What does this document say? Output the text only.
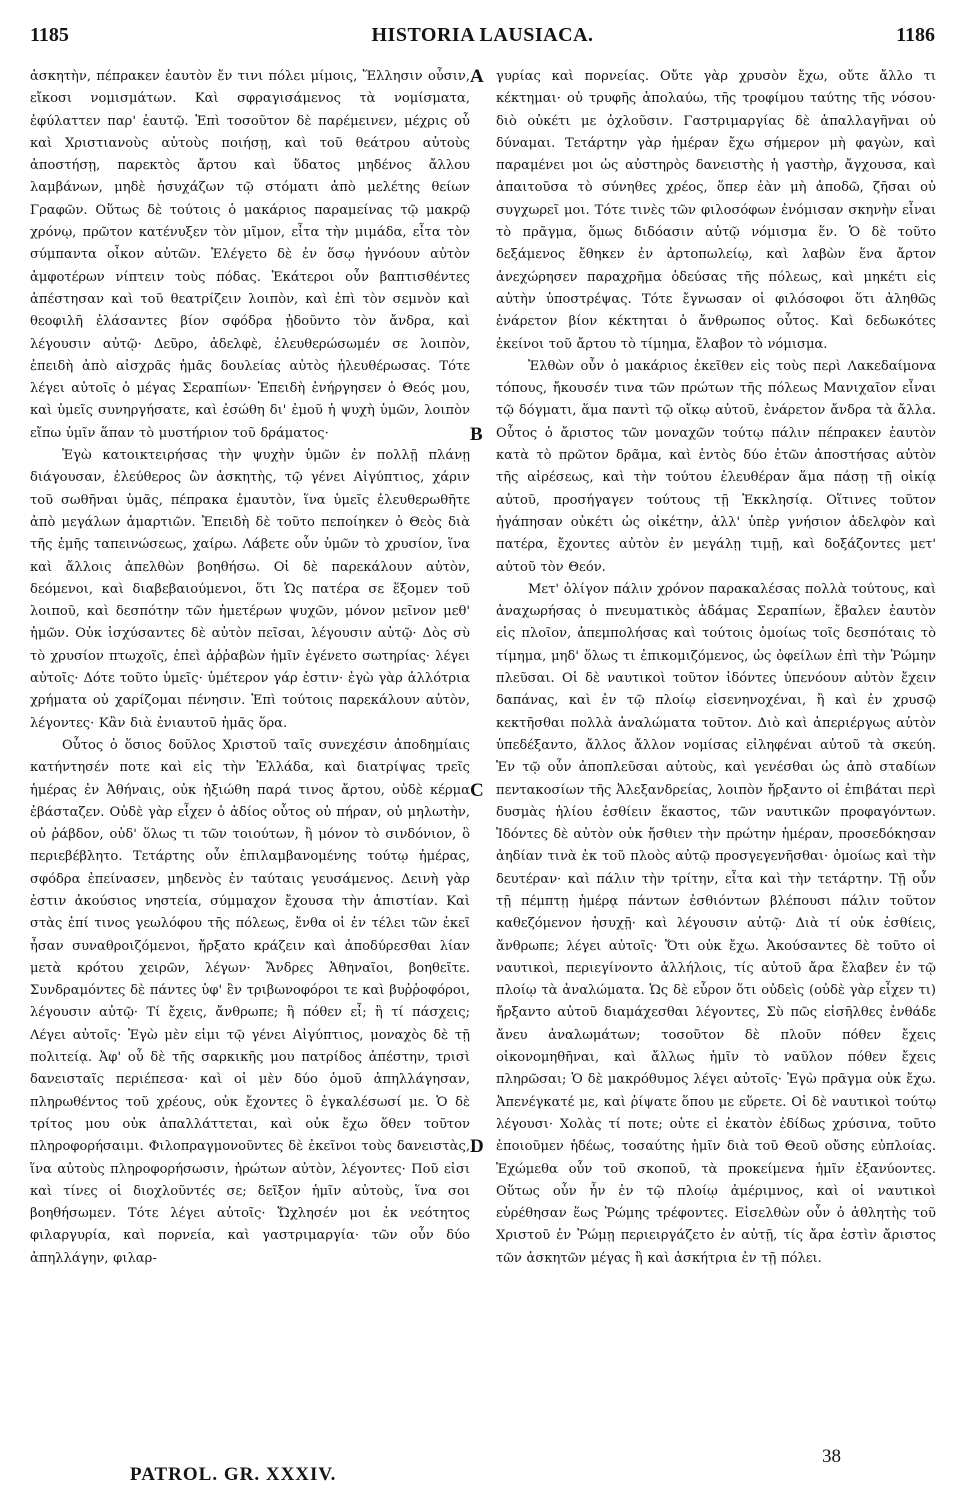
1185	HISTORIA LAUSIACA.	1186

ἀσκητὴν, πέπρακεν ἑαυτὸν ἔν τινι πόλει μίμοις, Ἕλλησιν οὖσιν, εἴκοσι νομισμάτων. Καὶ σφραγισάμενος τὰ νομίσματα, ἐφύλαττεν παρ' ἑαυτῷ. Ἐπὶ τοσοῦτον δὲ παρέμεινεν, μέχρις οὗ καὶ Χριστιανοὺς αὐτοὺς ποιήσῃ, καὶ τοῦ θεάτρου αὐτοὺς ἀποστήσῃ, παρεκτὸς ἄρτου καὶ ὕδατος μηδένος ἄλλου λαμβάνων, μηδὲ ἡσυχάζων τῷ στόματι ἀπὸ μελέτης θείων Γραφῶν. Οὕτως δὲ τούτοις ὁ μακάριος παραμείνας τῷ μακρῷ χρόνῳ, πρῶτον κατένυξεν τὸν μῖμον, εἶτα τὴν μιμάδα, εἶτα τὸν σύμπαντα οἶκον αὐτῶν. Ἐλέγετο δὲ ἐν ὅσῳ ἠγνόουν αὐτὸν ἀμφοτέρων νίπτειν τοὺς πόδας. Ἑκάτεροι οὖν βαπτισθέντες ἀπέστησαν καὶ τοῦ θεατρίζειν λοιπὸν, καὶ ἐπὶ τὸν σεμνὸν καὶ θεοφιλῆ ἐλάσαντες βίον σφόδρα ᾐδοῦντο τὸν ἄνδρα, καὶ λέγουσιν αὐτῷ· Δεῦρο, ἀδελφὲ, ἐλευθερώσωμέν σε λοιπὸν, ἐπειδὴ ἀπὸ αἰσχρᾶς ἡμᾶς δουλείας αὐτὸς ἠλευθέρωσας. Τότε λέγει αὐτοῖς ὁ μέγας Σεραπίων· Ἐπειδὴ ἐνήργησεν ὁ Θεός μου, καὶ ὑμεῖς συνηργήσατε, καὶ ἐσώθη δι' ἐμοῦ ἡ ψυχὴ ὑμῶν, λοιπὸν εἴπω ὑμῖν ἅπαν τὸ μυστήριον τοῦ δράματος·

Ἐγὼ κατοικτειρήσας τὴν ψυχὴν ὑμῶν ἐν πολλῇ πλάνῃ διάγουσαν, ἐλεύθερος ὢν ἀσκητὴς, τῷ γένει Αἰγύπτιος, χάριν τοῦ σωθῆναι ὑμᾶς, πέπρακα ἐμαυτὸν, ἵνα ὑμεῖς ἐλευθερωθῆτε ἀπὸ μεγάλων ἁμαρτιῶν. Ἐπειδὴ δὲ τοῦτο πεποίηκεν ὁ Θεὸς διὰ τῆς ἐμῆς ταπεινώσεως, χαίρω. Λάβετε οὖν ὑμῶν τὸ χρυσίον, ἵνα καὶ ἄλλοις ἀπελθὼν βοηθήσω. Οἱ δὲ παρεκάλουν αὐτὸν, δεόμενοι, καὶ διαβεβαιούμενοι, ὅτι Ὡς πατέρα σε ἕξομεν τοῦ λοιποῦ, καὶ δεσπότην τῶν ἡμετέρων ψυχῶν, μόνον μεῖνον μεθ' ἡμῶν. Οὐκ ἰσχύσαντες δὲ αὐτὸν πεῖσαι, λέγουσιν αὐτῷ· Δὸς σὺ τὸ χρυσίον πτωχοῖς, ἐπεὶ ἀῤῥαβὼν ἡμῖν ἐγένετο σωτηρίας· λέγει αὐτοῖς· Δότε τοῦτο ὑμεῖς· ὑμέτερον γάρ ἐστιν· ἐγὼ γὰρ ἀλλότρια χρήματα οὐ χαρίζομαι πένησιν. Ἐπὶ τούτοις παρεκάλουν αὐτὸν, λέγοντες· Κἂν διὰ ἐνιαυτοῦ ἡμᾶς ὅρα.

Οὗτος ὁ ὅσιος δοῦλος Χριστοῦ ταῖς συνεχέσιν ἀποδημίαις κατήντησέν ποτε καὶ εἰς τὴν Ἑλλάδα, καὶ διατρίψας τρεῖς ἡμέρας ἐν Ἀθήναις, οὐκ ἠξιώθη παρά τινος ἄρτου, οὐδὲ κέρμα ἐβάσταζεν. Οὐδὲ γὰρ εἶχεν ὁ ἀδίος οὗτος οὐ πήραν, οὐ μηλωτὴν, οὐ ῥάβδον, οὐδ' ὅλως τι τῶν τοιούτων, ἢ μόνον τὸ σινδόνιον, ὃ περιεβέβλητο. Τετάρτης οὖν ἐπιλαμβανομένης τούτῳ ἡμέρας, σφόδρα ἐπείνασεν, μηδενὸς ἐν ταύταις γευσάμενος. Δεινὴ γὰρ ἐστιν ἀκούσιος νηστεία, σύμμαχον ἔχουσα τὴν ἀπιστίαν. Καὶ στὰς ἐπί τινος γεωλόφου τῆς πόλεως, ἔνθα οἱ ἐν τέλει τῶν ἐκεῖ ἦσαν συναθροιζόμενοι, ἤρξατο κράζειν καὶ ἀποδύρεσθαι λίαν μετὰ κρότου χειρῶν, λέγων· Ἄνδρες Ἀθηναῖοι, βοηθεῖτε. Συνδραμόντες δὲ πάντες ὑφ' ἓν τριβωνοφόροι τε καὶ βυῤῥοφόροι, λέγουσιν αὐτῷ· Τί ἔχεις, ἄνθρωπε; ἢ πόθεν εἶ; ἢ τί πάσχεις; Λέγει αὐτοῖς· Ἐγὼ μὲν εἰμι τῷ γένει Αἰγύπτιος, μοναχὸς δὲ τῇ πολιτείᾳ. Ἀφ' οὗ δὲ τῆς σαρκικῆς μου πατρίδος ἀπέστην, τρισὶ δανεισταῖς περιέπεσα· καὶ οἱ μὲν δύο ὁμοῦ ἀπηλλάγησαν, πληρωθέντος τοῦ χρέους, οὐκ ἔχοντες ὃ ἐγκαλέσωσί με. Ὁ δὲ τρίτος μου οὐκ ἀπαλλάττεται, καὶ οὐκ ἔχω ὅθεν τοῦτον πληροφορήσαιμι. Φιλοπραγμονοῦντες δὲ ἐκεῖνοι τοὺς δανειστὰς, ἵνα αὐτοὺς πληροφορήσωσιν, ἠρώτων αὐτὸν, λέγοντες· Ποῦ εἰσι καὶ τίνες οἱ διοχλοῦντές σε; δεῖξον ἡμῖν αὐτοὺς, ἵνα σοι βοηθήσωμεν. Τότε λέγει αὐτοῖς· Ὤχλησέν μοι ἐκ νεότητος φιλαργυρία, καὶ πορνεία, καὶ γαστριμαργία· τῶν οὖν δύο ἀπηλλάγην, φιλαρ-

γυρίας καὶ πορνείας. Οὔτε γὰρ χρυσὸν ἔχω, οὔτε ἄλλο τι κέκτημαι· οὐ τρυφῆς ἀπολαύω, τῆς τροφίμου ταύτης τῆς νόσου· διὸ οὐκέτι με ὀχλοῦσιν. Γαστριμαργίας δὲ ἀπαλλαγῆναι οὐ δύναμαι. Τετάρτην γὰρ ἡμέραν ἔχω σήμερον μὴ φαγὼν, καὶ παραμένει μοι ὡς αὐστηρὸς δανειστὴς ἡ γαστὴρ, ἄγχουσα, καὶ ἀπαιτοῦσα τὸ σύνηθες χρέος, ὅπερ ἐὰν μὴ ἀποδῶ, ζῆσαι οὐ συγχωρεῖ μοι. Τότε τινὲς τῶν φιλοσόφων ἐνόμισαν σκηνὴν εἶναι τὸ πρᾶγμα, ὅμως διδόασιν αὐτῷ νόμισμα ἕν. Ὁ δὲ τοῦτο δεξάμενος ἔθηκεν ἐν ἀρτοπωλείῳ, καὶ λαβὼν ἕνα ἄρτον ἀνεχώρησεν παραχρῆμα ὀδεύσας τῆς πόλεως, καὶ μηκέτι εἰς αὐτὴν ὑποστρέψας. Τότε ἔγνωσαν οἱ φιλόσοφοι ὅτι ἀληθῶς ἐνάρετον βίον κέκτηται ὁ ἄνθρωπος οὗτος. Καὶ δεδωκότες ἐκείνοι τοῦ ἄρτου τὸ τίμημα, ἔλαβον τὸ νόμισμα.

Ἐλθὼν οὖν ὁ μακάριος ἐκεῖθεν εἰς τοὺς περὶ Λακεδαίμονα τόπους, ἤκουσέν τινα τῶν πρώτων τῆς πόλεως Μανιχαῖον εἶναι τῷ δόγματι, ἅμα παντὶ τῷ οἴκῳ αὐτοῦ, ἐνάρετον ἄνδρα τὰ ἄλλα. Οὗτος ὁ ἄριστος τῶν μοναχῶν τούτῳ πάλιν πέπρακεν ἑαυτὸν κατὰ τὸ πρῶτον δρᾶμα, καὶ ἐντὸς δύο ἐτῶν ἀποστήσας αὐτὸν τῆς αἱρέσεως, καὶ τὴν τούτου ἐλευθέραν ἅμα πάσῃ τῇ οἰκίᾳ αὐτοῦ, προσήγαγεν τούτους τῇ Ἐκκλησίᾳ. Οἵτινες τοῦτον ἠγάπησαν οὐκέτι ὡς οἰκέτην, ἀλλ' ὑπὲρ γνήσιον ἀδελφὸν καὶ πατέρα, ἔχοντες αὐτὸν ἐν μεγάλῃ τιμῇ, καὶ δοξάζοντες μετ' αὐτοῦ τὸν Θεόν.

Μετ' ὀλίγον πάλιν χρόνον παρακαλέσας πολλὰ τούτους, καὶ ἀναχωρήσας ὁ πνευματικὸς ἀδάμας Σεραπίων, ἔβαλεν ἑαυτὸν εἰς πλοῖον, ἀπεμπολήσας καὶ τούτοις ὁμοίως τοῖς δεσπόταις τὸ τίμημα, μηδ' ὅλως τι ἐπικομιζόμενος, ὡς ὀφείλων ἐπὶ τὴν Ῥώμην πλεῦσαι. Οἱ δὲ ναυτικοὶ τοῦτον ἰδόντες ὑπενόουν αὐτὸν ἔχειν δαπάνας, καὶ ἐν τῷ πλοίῳ εἰσενηνοχέναι, ἢ καὶ ἐν χρυσῷ κεκτῆσθαι πολλὰ ἀναλώματα τοῦτον. Διὸ καὶ ἀπεριέργως αὐτὸν ὑπεδέξαντο, ἄλλος ἄλλον νομίσας εἰληφέναι αὐτοῦ τὰ σκεύη. Ἐν τῷ οὖν ἀποπλεῦσαι αὐτοὺς, καὶ γενέσθαι ὡς ἀπὸ σταδίων πεντακοσίων τῆς Ἀλεξανδρείας, λοιπὸν ἤρξαντο οἱ ἐπιβάται περὶ δυσμὰς ἡλίου ἐσθίειν ἕκαστος, τῶν ναυτικῶν προφαγόντων. Ἰδόντες δὲ αὐτὸν οὐκ ἤσθιεν τὴν πρώτην ἡμέραν, προσεδόκησαν ἀηδίαν τινὰ ἐκ τοῦ πλοὸς αὐτῷ προσγεγενῆσθαι· ὁμοίως καὶ τὴν δευτέραν· καὶ πάλιν τὴν τρίτην, εἶτα καὶ τὴν τετάρτην. Τῇ οὖν τῇ πέμπτῃ ἡμέρᾳ πάντων ἐσθιόντων βλέπουσι πάλιν τοῦτον καθεζόμενον ἡσυχῇ· καὶ λέγουσιν αὐτῷ· Διὰ τί οὐκ ἐσθίεις, ἄνθρωπε; λέγει αὐτοῖς· Ὅτι οὐκ ἔχω. Ἀκούσαντες δὲ τοῦτο οἱ ναυτικοὶ, περιεγίνοντο ἀλλήλοις, τίς αὐτοῦ ἄρα ἔλαβεν ἐν τῷ πλοίῳ τὰ ἀναλώματα. Ὡς δὲ εὗρον ὅτι οὐδεὶς (οὐδὲ γὰρ εἶχεν τι) ἤρξαντο αὐτοῦ διαμάχεσθαι λέγοντες, Σὺ πῶς εἰσῆλθες ἐνθάδε ἄνευ ἀναλωμάτων; τοσοῦτον δὲ πλοῦν πόθεν ἔχεις οἰκονομηθῆναι, καὶ ἄλλως ἡμῖν τὸ ναῦλον πόθεν ἔχεις πληρῶσαι; Ὁ δὲ μακρόθυμος λέγει αὐτοῖς· Ἐγὼ πρᾶγμα οὐκ ἔχω. Ἀπενέγκατέ με, καὶ ῥίψατε ὅπου με εὕρετε. Οἱ δὲ ναυτικοὶ τούτῳ λέγουσι· Χολὰς τί ποτε; οὐτε εἰ ἑκατὸν ἐδίδως χρύσινα, τοῦτο ἐποιοῦμεν ἡδέως, τοσαύτης ἡμῖν διὰ τοῦ Θεοῦ οὔσης εὐπλοίας. Ἐχώμεθα οὖν τοῦ σκοποῦ, τὰ προκείμενα ἡμῖν ἐξανύοντες. Οὕτως οὖν ἦν ἐν τῷ πλοίῳ ἀμέριμνος, καὶ οἱ ναυτικοὶ εὑρέθησαν ἕως Ῥώμης τρέφοντες. Εἰσελθὼν οὖν ὁ ἀθλητὴς τοῦ Χριστοῦ ἐν Ῥώμῃ περιειργάζετο ἐν αὐτῇ, τίς ἄρα ἐστὶν ἄριστος τῶν ἀσκητῶν μέγας ἢ καὶ ἀσκήτρια ἐν τῇ πόλει.

A
B
C
D
PATROL. GR. XXXIV.
38
